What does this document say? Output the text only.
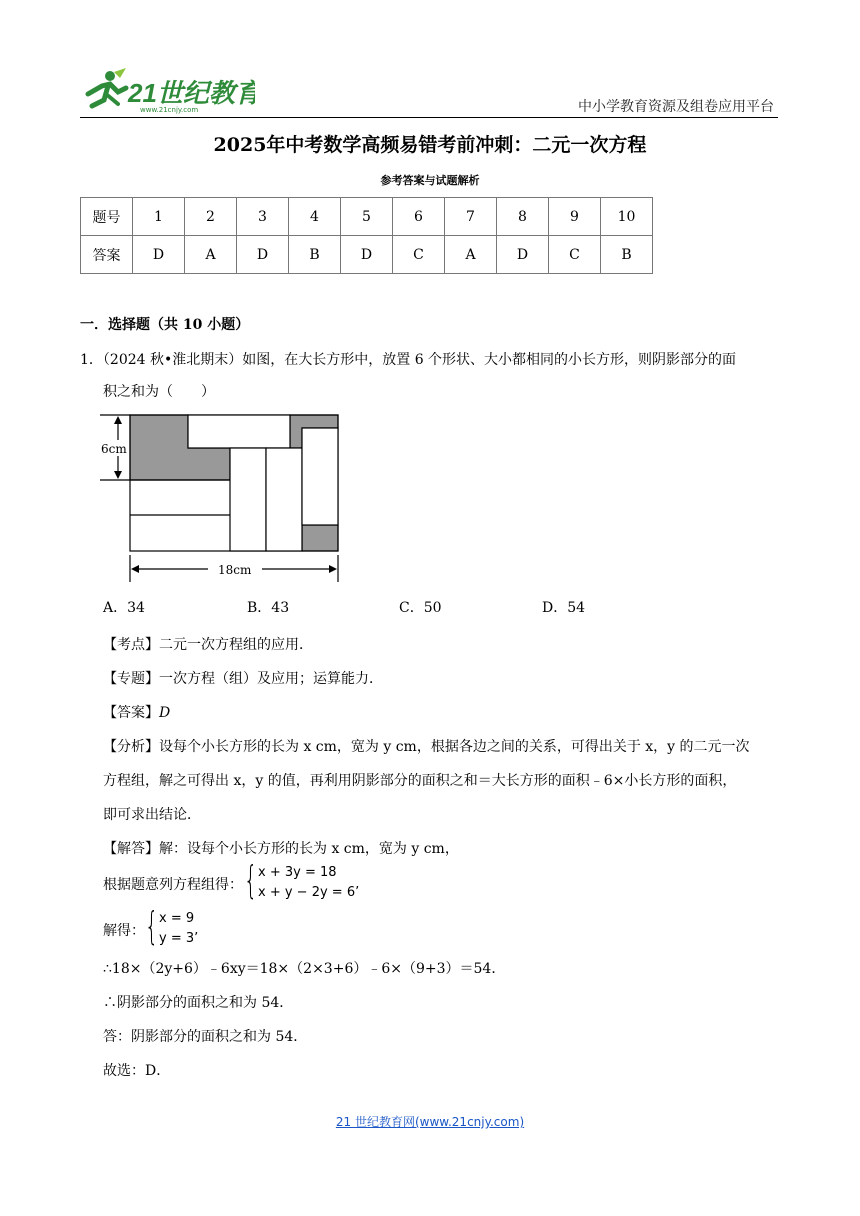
21世纪教育
www.21cnjy.com	中小学教育资源及组卷应用平台
2025年中考数学高频易错考前冲刺：二元一次方程
参考答案与试题解析
题号	1	2	3	4	5	6	7	8	9	10
答案	D	A	D	B	D	C	A	D	C	B
一．选择题（共 10 小题）
1．（2024 秋•淮北期末）如图，在大长方形中，放置 6 个形状、大小都相同的小长方形，则阴影部分的面
积之和为（　　）
6cm
18cm
A．34	B．43	C．50	D．54
【考点】二元一次方程组的应用．
【专题】一次方程（组）及应用；运算能力．
【答案】D
【分析】设每个小长方形的长为 x cm，宽为 y cm，根据各边之间的关系，可得出关于 x，y 的二元一次
方程组，解之可得出 x，y 的值，再利用阴影部分的面积之和＝大长方形的面积﹣6×小长方形的面积，
即可求出结论．
【解答】解：设每个小长方形的长为 x cm，宽为 y cm，
根据题意列方程组得： { x + 3y = 18
x + y − 2y = 6’
解得： { x = 9
y = 3’
∴18×（2y+6）﹣6xy＝18×（2×3+6）﹣6×（9+3）＝54．
∴阴影部分的面积之和为 54．
答：阴影部分的面积之和为 54．
故选：D．
21 世纪教育网(www.21cnjy.com)
